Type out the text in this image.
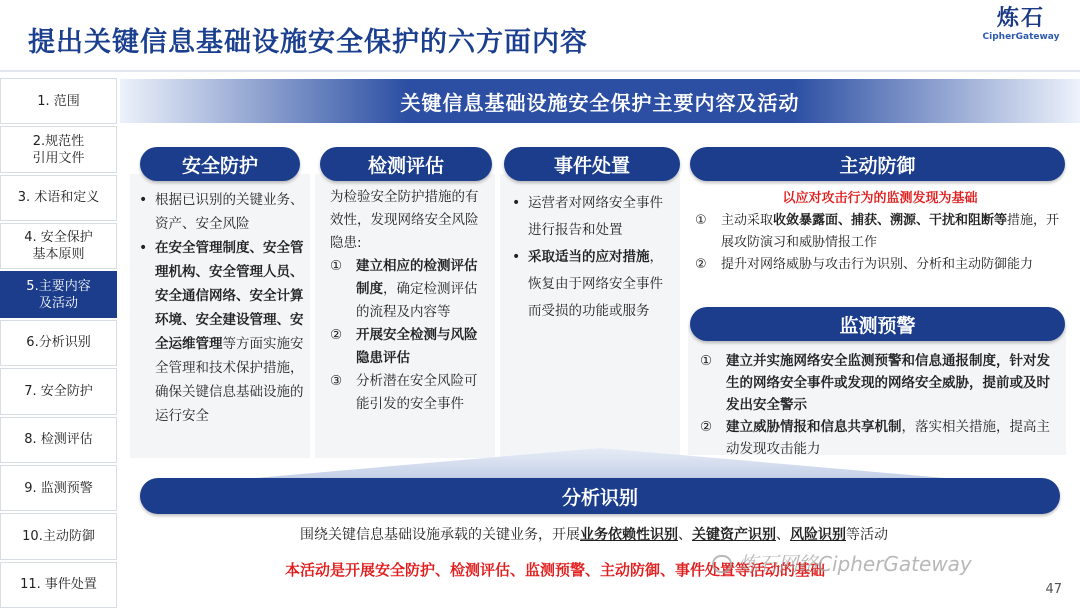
提出关键信息基础设施安全保护的六方面内容
炼石
CipherGateway
1. 范围
2.规范性
引用文件
3. 术语和定义
4. 安全保护
基本原则
5.主要内容
及活动
6.分析识别
7. 安全防护
8. 检测评估
9. 监测预警
10.主动防御
11. 事件处置
关键信息基础设施安全保护主要内容及活动
安全防护
• 根据已识别的关键业务、资产、安全风险
• 在安全管理制度、安全管理机构、安全管理人员、安全通信网络、安全计算环境、安全建设管理、安全运维管理等方面实施安全管理和技术保护措施，确保关键信息基础设施的运行安全
检测评估
为检验安全防护措施的有效性，发现网络安全风险隐患:
① 建立相应的检测评估制度，确定检测评估的流程及内容等
② 开展安全检测与风险隐患评估
③ 分析潜在安全风险可能引发的安全事件
事件处置
• 运营者对网络安全事件进行报告和处置
• 采取适当的应对措施，恢复由于网络安全事件而受损的功能或服务
主动防御
以应对攻击行为的监测发现为基础
① 主动采取收敛暴露面、捕获、溯源、干扰和阻断等措施，开展攻防演习和威胁情报工作
② 提升对网络威胁与攻击行为识别、分析和主动防御能力
监测预警
① 建立并实施网络安全监测预警和信息通报制度，针对发生的网络安全事件或发现的网络安全威胁，提前或及时发出安全警示
② 建立威胁情报和信息共享机制，落实相关措施，提高主动发现攻击能力
分析识别
围绕关键信息基础设施承载的关键业务，开展业务依赖性识别、关键资产识别、风险识别等活动
本活动是开展安全防护、检测评估、监测预警、主动防御、事件处置等活动的基础
炼石网络CipherGateway
47
